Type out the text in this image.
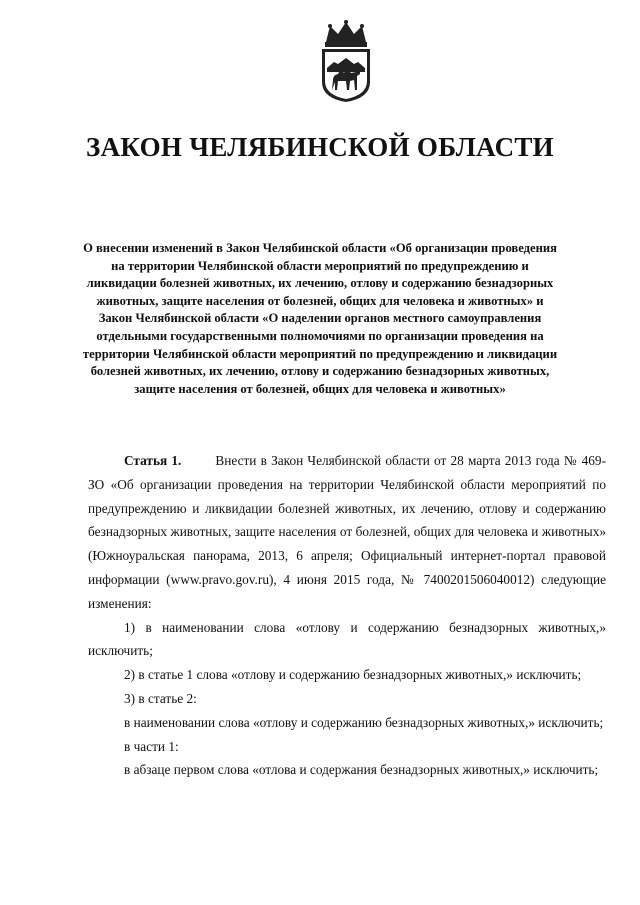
ЗАКОН ЧЕЛЯБИНСКОЙ ОБЛАСТИ
О внесении изменений в Закон Челябинской области «Об организации проведения на территории Челябинской области мероприятий по предупреждению и ликвидации болезней животных, их лечению, отлову и содержанию безнадзорных животных, защите населения от болезней, общих для человека и животных» и Закон Челябинской области «О наделении органов местного самоуправления отдельными государственными полномочиями по организации проведения на территории Челябинской области мероприятий по предупреждению и ликвидации болезней животных, их лечению, отлову и содержанию безнадзорных животных, защите населения от болезней, общих для человека и животных»

Статья 1.	Внести в Закон Челябинской области от 28 марта 2013 года № 469-ЗО «Об организации проведения на территории Челябинской области мероприятий по предупреждению и ликвидации болезней животных, их лечению, отлову и содержанию безнадзорных животных, защите населения от болезней, общих для человека и животных» (Южноуральская панорама, 2013, 6 апреля; Официальный интернет-портал правовой информации (www.pravo.gov.ru), 4 июня 2015 года, № 7400201506040012) следующие изменения:

1) в наименовании слова «отлову и содержанию безнадзорных животных,» исключить;

2) в статье 1 слова «отлову и содержанию безнадзорных животных,» исключить;

3) в статье 2:

в наименовании слова «отлову и содержанию безнадзорных животных,» исключить;

в части 1:

в абзаце первом слова «отлова и содержания безнадзорных животных,» исключить;
